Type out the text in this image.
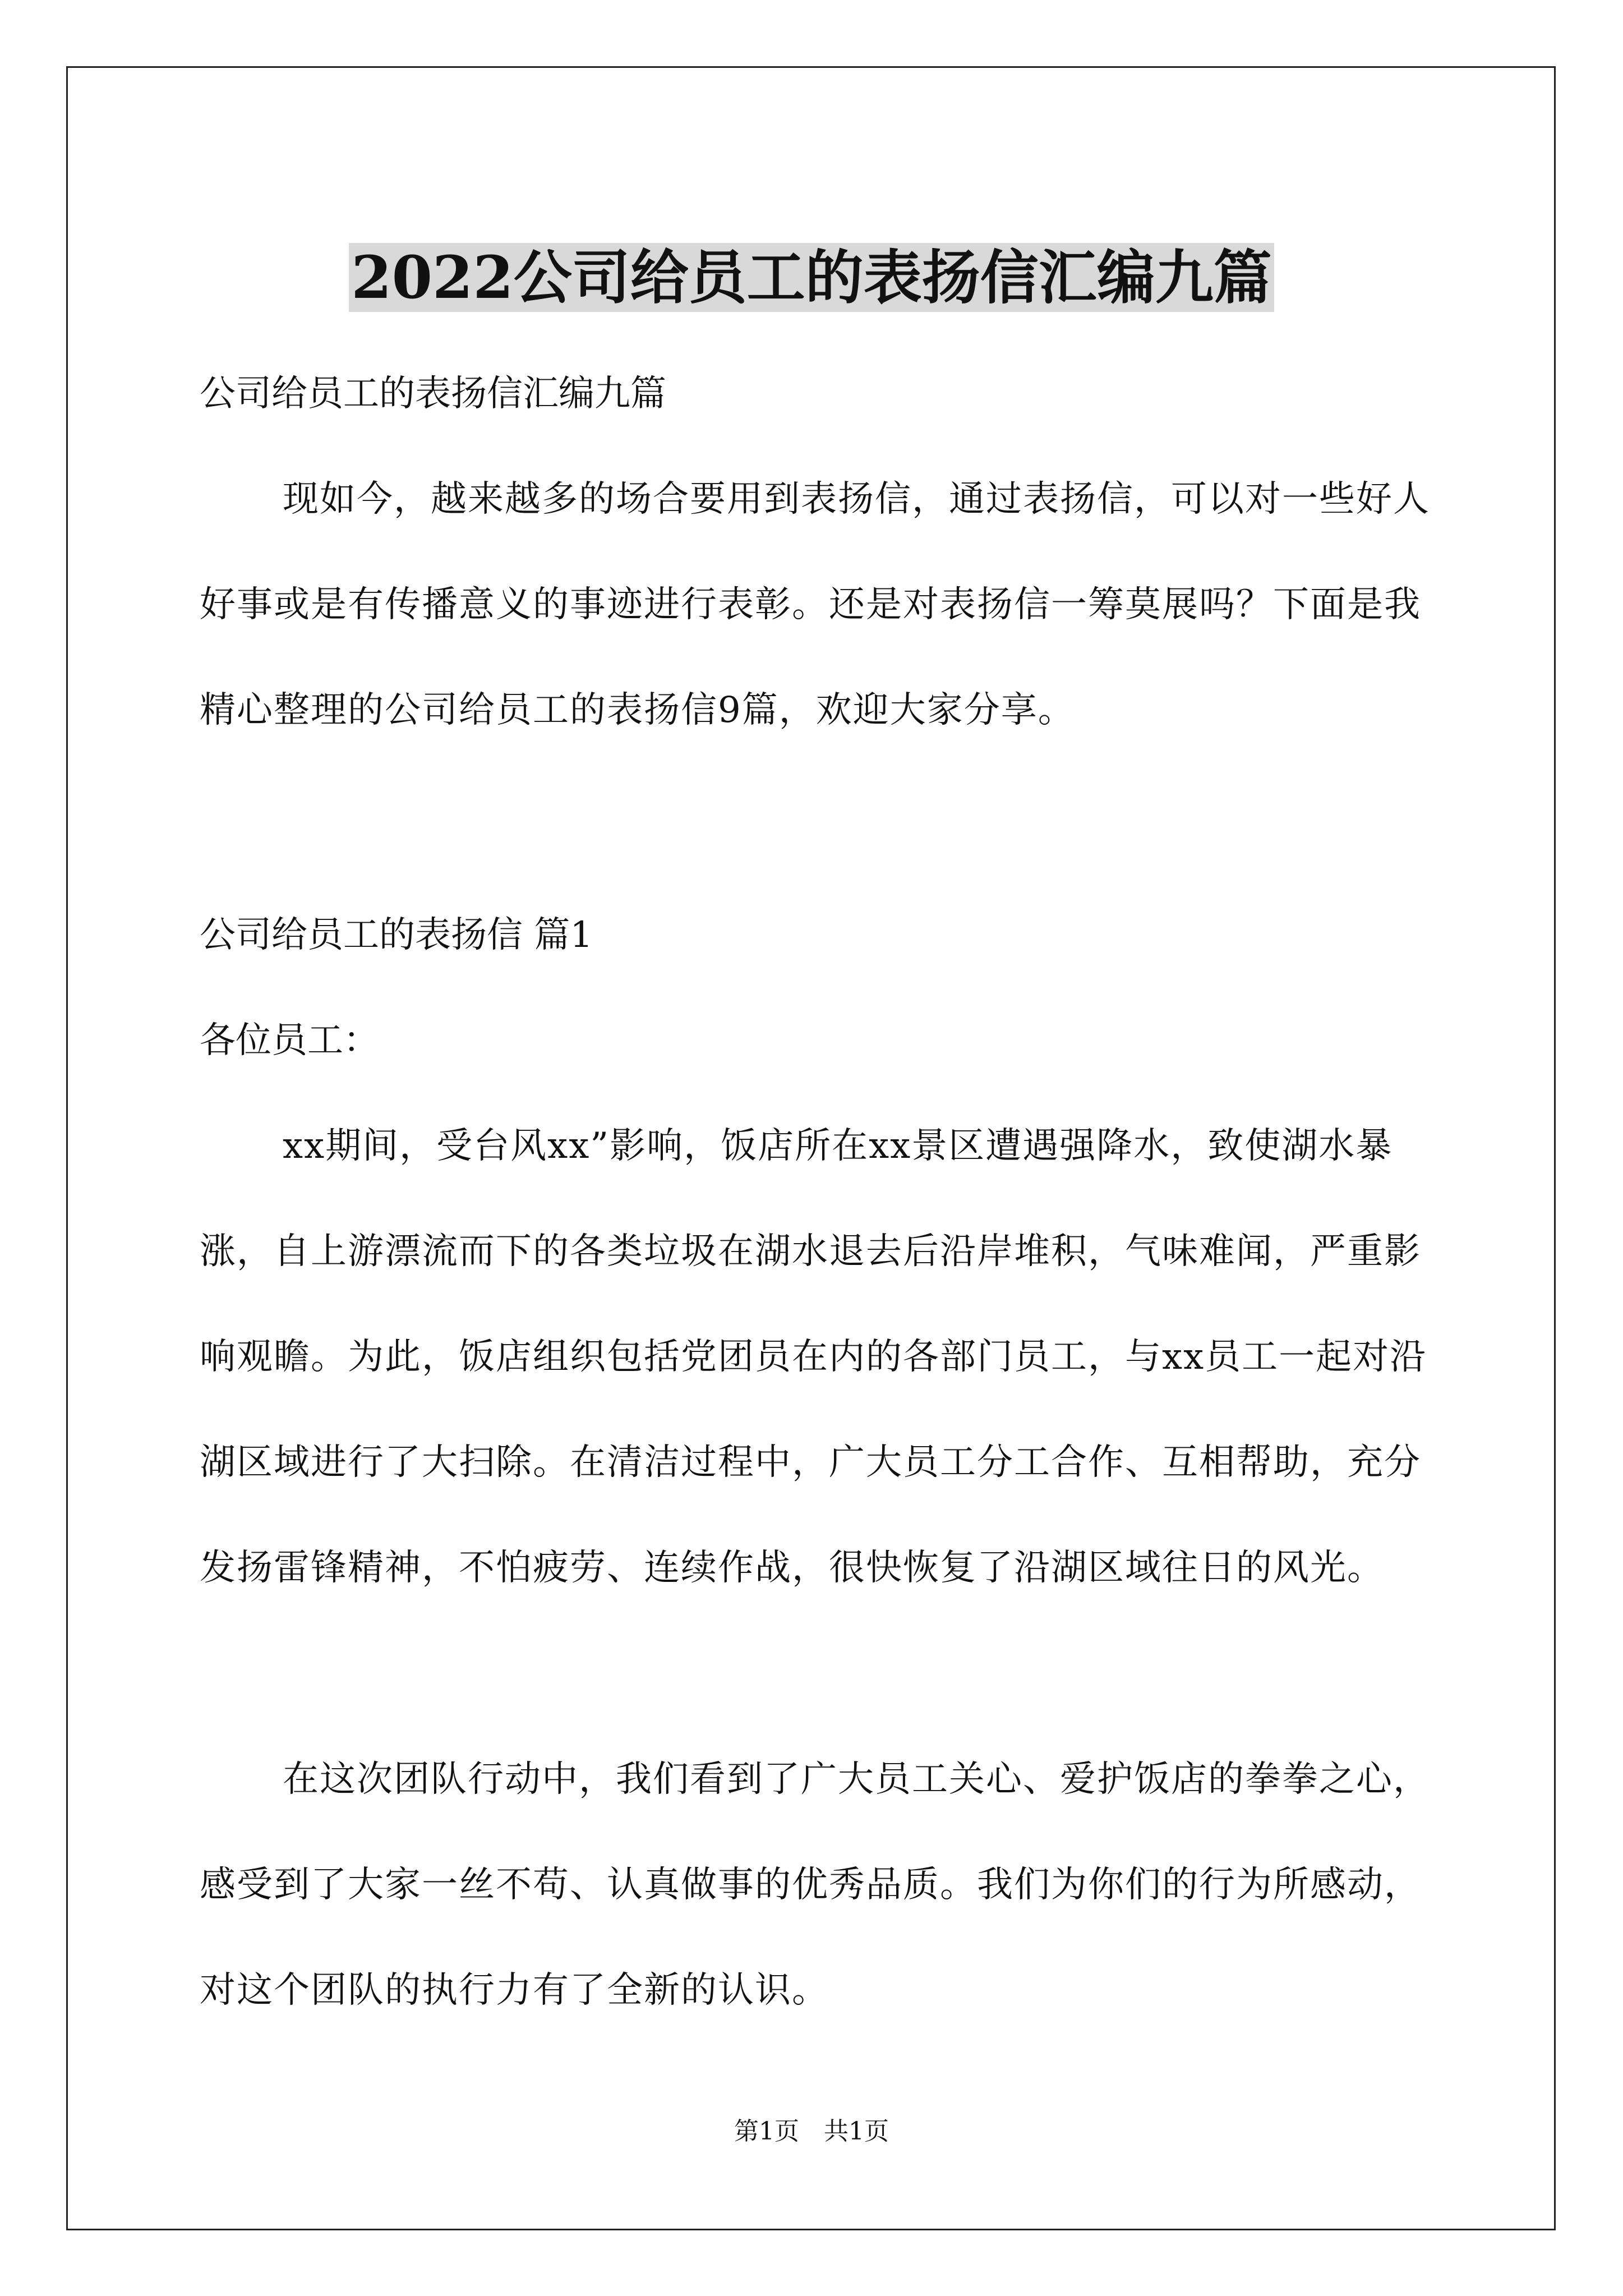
2022公司给员工的表扬信汇编九篇

公司给员工的表扬信汇编九篇

现如今，越来越多的场合要用到表扬信，通过表扬信，可以对一些好人好事或是有传播意义的事迹进行表彰。还是对表扬信一筹莫展吗？下面是我精心整理的公司给员工的表扬信9篇，欢迎大家分享。

公司给员工的表扬信 篇1

各位员工：

xx期间，受台风xx”影响，饭店所在xx景区遭遇强降水，致使湖水暴涨，自上游漂流而下的各类垃圾在湖水退去后沿岸堆积，气味难闻，严重影响观瞻。为此，饭店组织包括党团员在内的各部门员工，与xx员工一起对沿湖区域进行了大扫除。在清洁过程中，广大员工分工合作、互相帮助，充分发扬雷锋精神，不怕疲劳、连续作战，很快恢复了沿湖区域往日的风光。

在这次团队行动中，我们看到了广大员工关心、爱护饭店的拳拳之心，感受到了大家一丝不苟、认真做事的优秀品质。我们为你们的行为所感动，对这个团队的执行力有了全新的认识。

第1页　共1页
